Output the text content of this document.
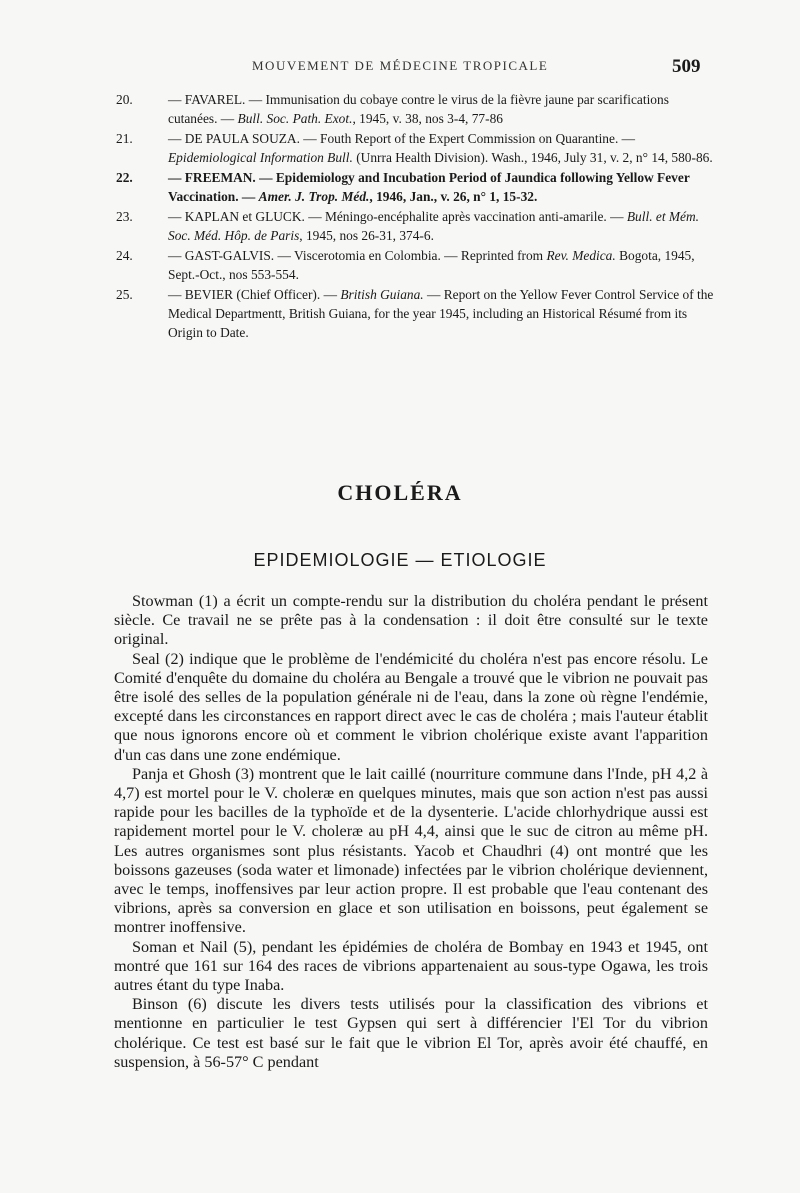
MOUVEMENT DE MÉDECINE TROPICALE	509
20.	— FAVAREL. — Immunisation du cobaye contre le virus de la fièvre jaune par scarifications cutanées. — Bull. Soc. Path. Exot., 1945, v. 38, nos 3-4, 77-86
21.	— DE PAULA SOUZA. — Fouth Report of the Expert Commission on Quarantine. — Epidemiological Information Bull. (Unrra Health Division). Wash., 1946, July 31, v. 2, n° 14, 580-86.
22.	— FREEMAN. — Epidemiology and Incubation Period of Jaundica following Yellow Fever Vaccination. — Amer. J. Trop. Méd., 1946, Jan., v. 26, n° 1, 15-32.
23.	— KAPLAN et GLUCK. — Méningo-encéphalite après vaccination anti-amarile. — Bull. et Mém. Soc. Méd. Hôp. de Paris, 1945, nos 26-31, 374-6.
24.	— GAST-GALVIS. — Viscerotomia en Colombia. — Reprinted from Rev. Medica. Bogota, 1945, Sept.-Oct., nos 553-554.
25.	— BEVIER (Chief Officer). — British Guiana. — Report on the Yellow Fever Control Service of the Medical Departmentt, British Guiana, for the year 1945, including an Historical Résumé from its Origin to Date.
CHOLÉRA
EPIDEMIOLOGIE — ETIOLOGIE

Stowman (1) a écrit un compte-rendu sur la distribution du choléra pendant le présent siècle. Ce travail ne se prête pas à la condensation : il doit être consulté sur le texte original.

Seal (2) indique que le problème de l'endémicité du choléra n'est pas encore résolu. Le Comité d'enquête du domaine du choléra au Bengale a trouvé que le vibrion ne pouvait pas être isolé des selles de la population générale ni de l'eau, dans la zone où règne l'endémie, excepté dans les circonstances en rapport direct avec le cas de choléra ; mais l'auteur établit que nous ignorons encore où et comment le vibrion cholérique existe avant l'apparition d'un cas dans une zone endémique.

Panja et Ghosh (3) montrent que le lait caillé (nourriture commune dans l'Inde, pH 4,2 à 4,7) est mortel pour le V. choleræ en quelques minutes, mais que son action n'est pas aussi rapide pour les bacilles de la typhoïde et de la dysenterie. L'acide chlorhydrique aussi est rapidement mortel pour le V. choleræ au pH 4,4, ainsi que le suc de citron au même pH. Les autres organismes sont plus résistants. Yacob et Chaudhri (4) ont montré que les boissons gazeuses (soda water et limonade) infectées par le vibrion cholérique deviennent, avec le temps, inoffensives par leur action propre. Il est probable que l'eau contenant des vibrions, après sa conversion en glace et son utilisation en boissons, peut également se montrer inoffensive.

Soman et Nail (5), pendant les épidémies de choléra de Bombay en 1943 et 1945, ont montré que 161 sur 164 des races de vibrions appartenaient au sous-type Ogawa, les trois autres étant du type Inaba.

Binson (6) discute les divers tests utilisés pour la classification des vibrions et mentionne en particulier le test Gypsen qui sert à différencier l'El Tor du vibrion cholérique. Ce test est basé sur le fait que le vibrion El Tor, après avoir été chauffé, en suspension, à 56-57° C pendant
